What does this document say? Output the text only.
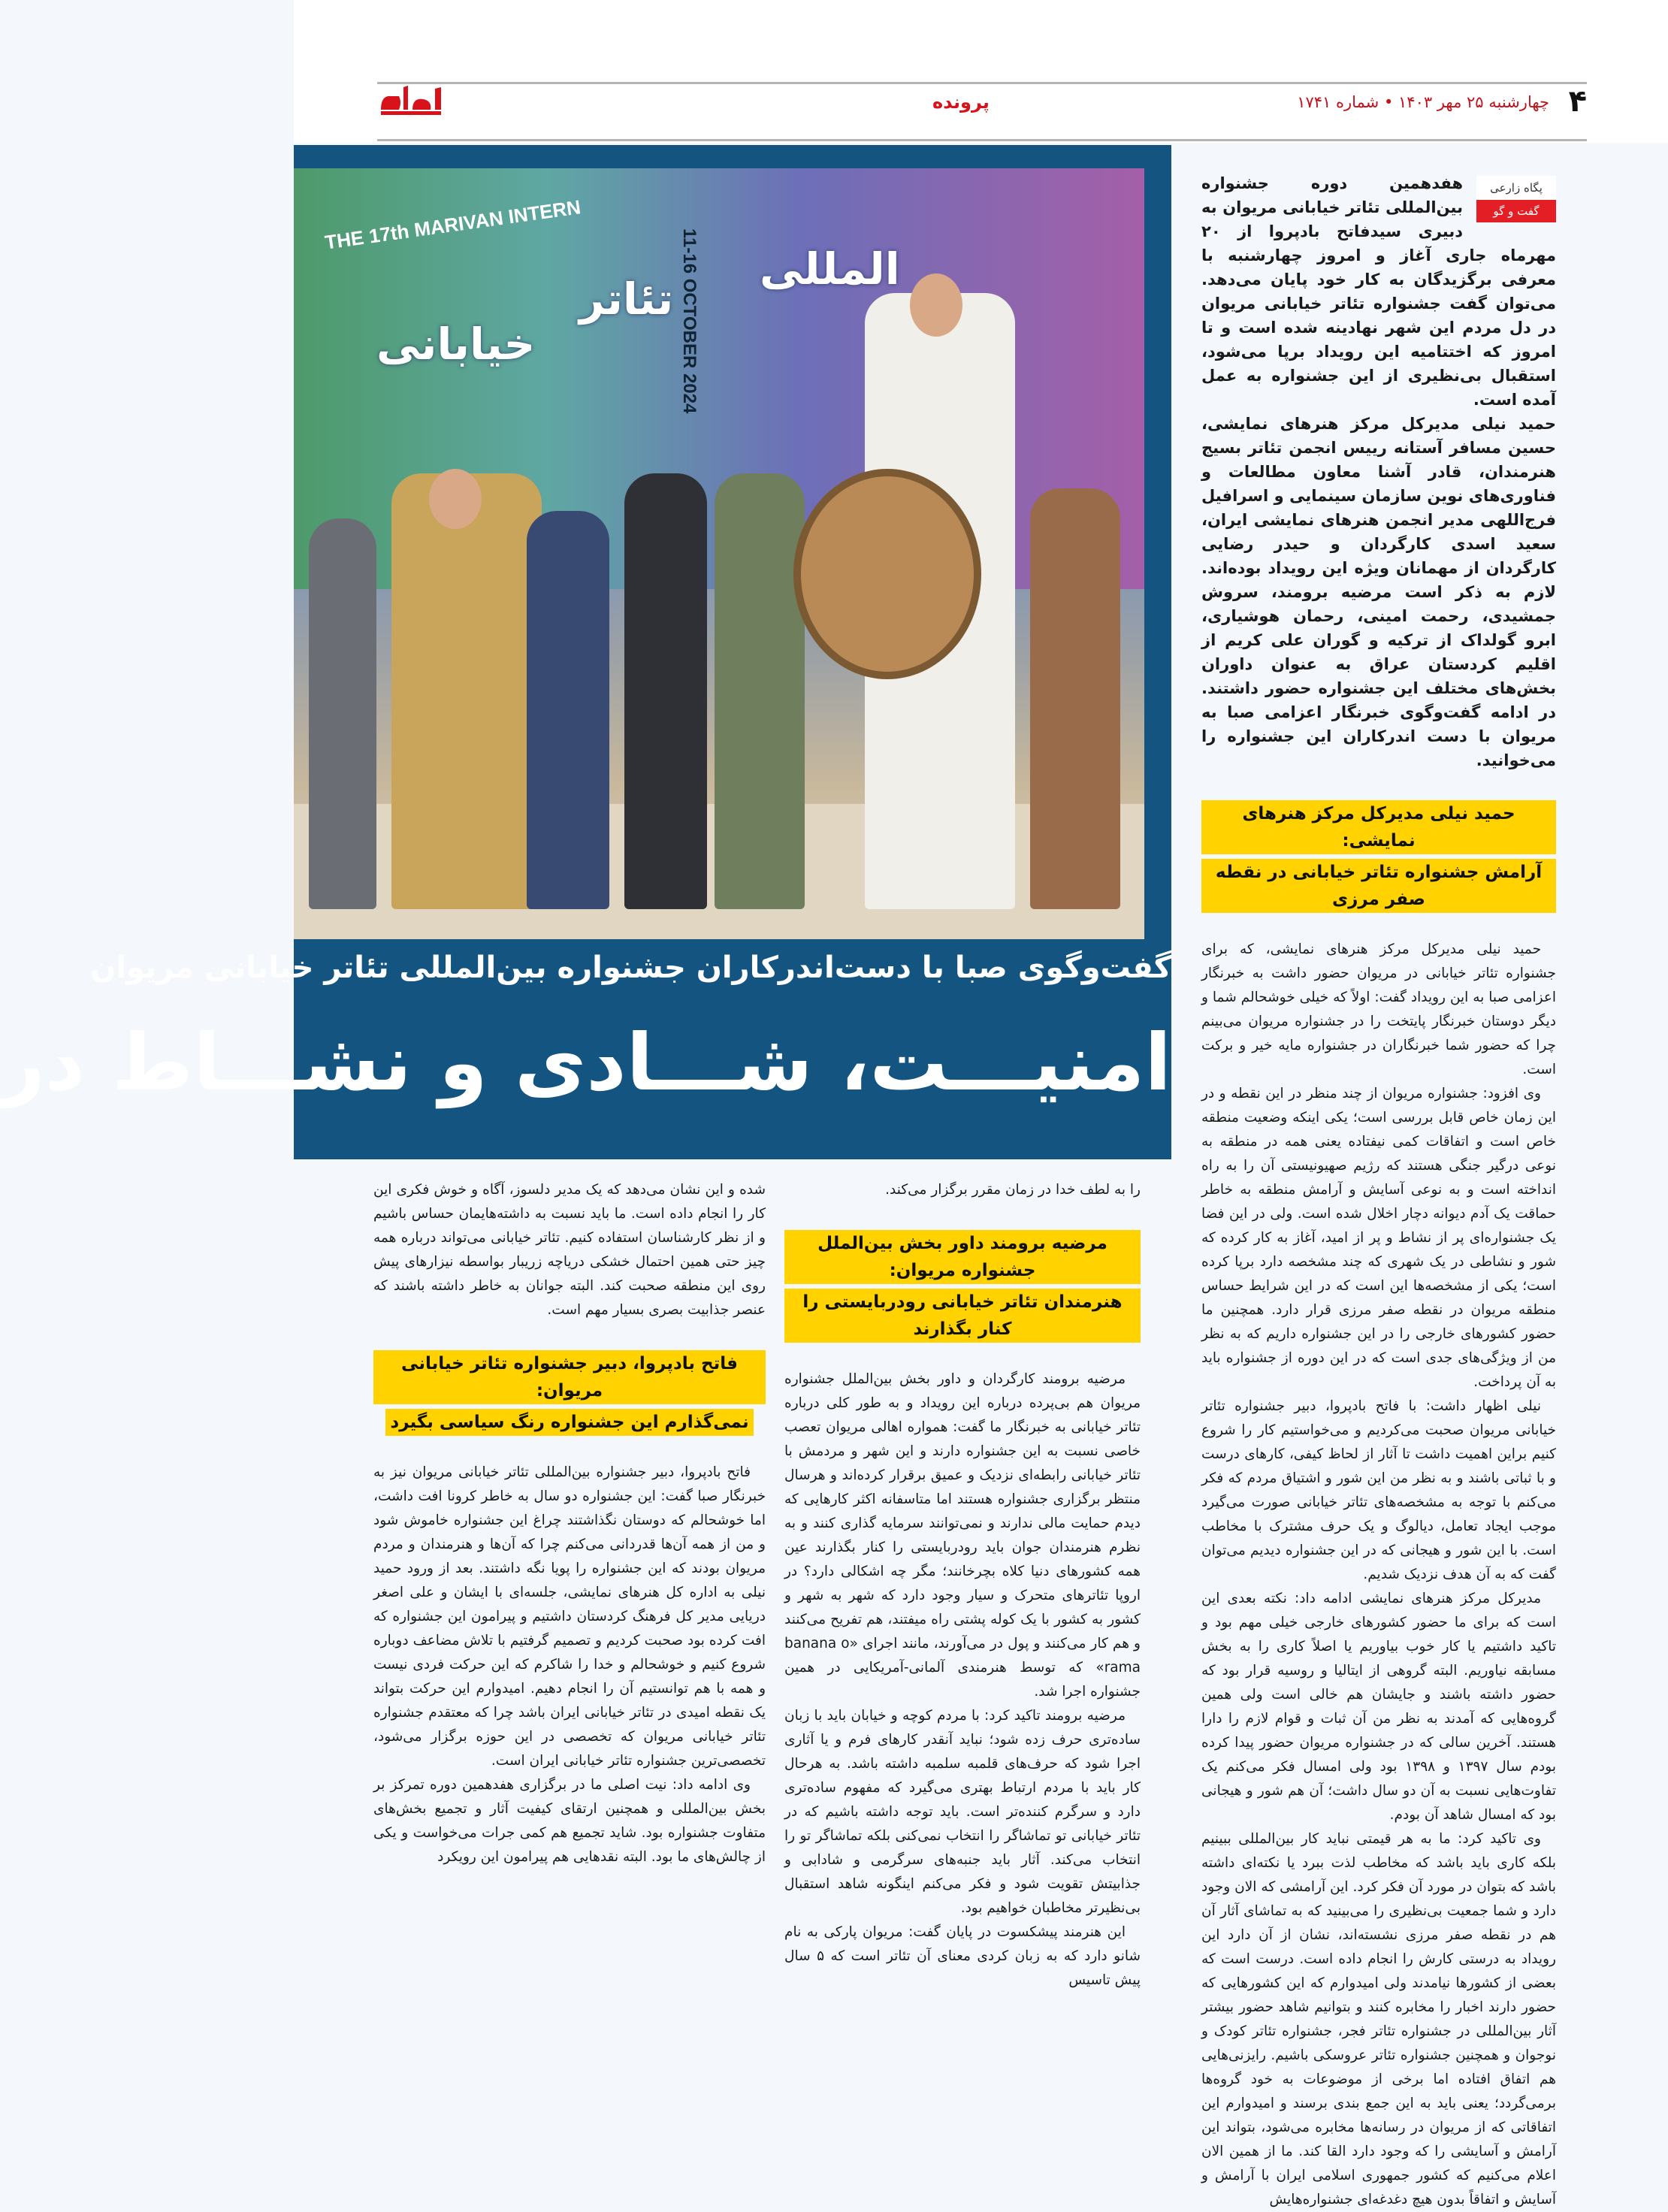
۴
چهارشنبه ۲۵ مهر ۱۴۰۳ • شماره ۱۷۴۱
پرونده
THE 17th MARIVAN INTERN
11-16 OCTOBER 2024
خیابانی
تئاتر
المللی
گفت‌وگوی صبا با دست‌اندرکاران جشنواره بین‌المللی تئاتر خیابانی مریوان
امنیـــت، شـــادی و نشـــاط در
پگاه زارعی
گفت و گو
هفدهمین دوره جشنواره بین‌المللی تئاتر خیابانی مریوان به دبیری سیدفاتح بادپروا از ۲۰ مهرماه جاری آغاز و امروز چهارشنبه با معرفی برگزیدگان به کار خود پایان می‌دهد. می‌توان گفت جشنواره تئاتر خیابانی مریوان در دل مردم این شهر نهادینه شده است و تا امروز که اختتامیه این رویداد برپا می‌شود، استقبال بی‌نظیری از این جشنواره به عمل آمده است.
حمید نیلی مدیرکل مرکز هنرهای نمایشی، حسین مسافر آستانه رییس انجمن تئاتر بسیج هنرمندان، قادر آشنا معاون مطالعات و فناوری‌های نوین سازمان سینمایی و اسرافیل فرج‌اللهی مدیر انجمن هنرهای نمایشی ایران، سعید اسدی کارگردان و حیدر رضایی کارگردان از مهمانان ویژه این رویداد بوده‌اند. لازم به ذکر است مرضیه برومند، سروش جمشیدی، رحمت امینی، رحمان هوشیاری، ابرو گولداک از ترکیه و گوران علی کریم از اقلیم کردستان عراق به عنوان داوران بخش‌های مختلف این جشنواره حضور داشتند. در ادامه گفت‌وگوی خبرنگار اعزامی صبا به مریوان با دست اندرکاران این جشنواره را می‌خوانید.
حمید نیلی مدیرکل مرکز هنرهای نمایشی:
آرامش جشنواره تئاتر خیابانی در نقطه صفر مرزی

حمید نیلی مدیرکل مرکز هنرهای نمایشی، که برای جشنواره تئاتر خیابانی در مریوان حضور داشت به خبرنگار اعزامی صبا به این رویداد گفت: اولاً که خیلی خوشحالم شما و دیگر دوستان خبرنگار پایتخت را در جشنواره مریوان می‌بینم چرا که حضور شما خبرنگاران در جشنواره مایه خیر و برکت است.

وی افزود: جشنواره مریوان از چند منظر در این نقطه و در این زمان خاص قابل بررسی است؛ یکی اینکه وضعیت منطقه خاص است و اتفاقات کمی نیفتاده یعنی همه در منطقه به نوعی درگیر جنگی هستند که رژیم صهیونیستی آن را به راه انداخته است و به نوعی آسایش و آرامش منطقه به خاطر حماقت یک آدم دیوانه دچار اخلال شده است. ولی در این فضا یک جشنواره‌ای پر از نشاط و پر از امید، آغاز به کار کرده که شور و نشاطی در یک شهری که چند مشخصه دارد برپا کرده است؛ یکی از مشخصه‌ها این است که در این شرایط حساس منطقه مریوان در نقطه صفر مرزی قرار دارد. همچنین ما حضور کشورهای خارجی را در این جشنواره داریم که به نظر من از ویژگی‌های جدی است که در این دوره از جشنواره باید به آن پرداخت.

نیلی اظهار داشت: با فاتح بادپروا، دبیر جشنواره تئاتر خیابانی مریوان صحبت می‌کردیم و می‌خواستیم کار را شروع کنیم براین اهمیت داشت تا آثار از لحاظ کیفی، کارهای درست و با ثباتی باشند و به نظر من این شور و اشتیاق مردم که فکر می‌کنم با توجه به مشخصه‌های تئاتر خیابانی صورت می‌گیرد موجب ایجاد تعامل، دیالوگ و یک حرف مشترک با مخاطب است. با این شور و هیجانی که در این جشنواره دیدیم می‌توان گفت که به آن هدف نزدیک شدیم.

مدیرکل مرکز هنرهای نمایشی ادامه داد: نکته بعدی این است که برای ما حضور کشورهای خارجی خیلی مهم بود و تاکید داشتیم یا کار خوب بیاوریم یا اصلاً کاری را به بخش مسابقه نیاوریم. البته گروهی از ایتالیا و روسیه قرار بود که حضور داشته باشند و جایشان هم خالی است ولی همین گروه‌هایی که آمدند به نظر من آن ثبات و قوام لازم را دارا هستند. آخرین سالی که در جشنواره مریوان حضور پیدا کرده بودم سال ۱۳۹۷ و ۱۳۹۸ بود ولی امسال فکر می‌کنم یک تفاوت‌هایی نسبت به آن دو سال داشت؛ آن هم شور و هیجانی بود که امسال شاهد آن بودم.

وی تاکید کرد: ما به هر قیمتی نباید کار بین‌المللی ببینیم بلکه کاری باید باشد که مخاطب لذت ببرد یا نکته‌ای داشته باشد که بتوان در مورد آن فکر کرد. این آرامشی که الان وجود دارد و شما جمعیت بی‌نظیری را می‌بینید که به تماشای آثار آن هم در نقطه صفر مرزی نشسته‌اند، نشان از آن دارد این رویداد به درستی کارش را انجام داده است. درست است که بعضی از کشورها نیامدند ولی امیدوارم که این کشورهایی که حضور دارند اخبار را مخابره کنند و بتوانیم شاهد حضور بیشتر آثار بین‌المللی در جشنواره تئاتر فجر، جشنواره تئاتر کودک و نوجوان و همچنین جشنواره تئاتر عروسکی باشیم. رایزنی‌هایی هم اتفاق افتاده اما برخی از موضوعات به خود گروه‌ها برمی‌گردد؛ یعنی باید به این جمع بندی برسند و امیدوارم این اتفاقاتی که از مریوان در رسانه‌ها مخابره می‌شود، بتواند این آرامش و آسایشی را که وجود دارد القا کند. ما از همین الان اعلام می‌کنیم که کشور جمهوری اسلامی ایران با آرامش و آسایش و اتفاقاً بدون هیچ دغدغه‌ای جشنواره‌هایش

را به لطف خدا در زمان مقرر برگزار می‌کند.
مرضیه برومند داور بخش بین‌الملل جشنواره مریوان:
هنرمندان تئاتر خیابانی رودربایستی را کنار بگذارند

مرضیه برومند کارگردان و داور بخش بین‌الملل جشنواره مریوان هم بی‌پرده درباره این رویداد و به طور کلی درباره تئاتر خیابانی به خبرنگار ما گفت: همواره اهالی مریوان تعصب خاصی نسبت به این جشنواره دارند و این شهر و مردمش با تئاتر خیابانی رابطه‌ای نزدیک و عمیق برقرار کرده‌اند و هرسال منتظر برگزاری جشنواره هستند اما متاسفانه اکثر کارهایی که دیدم حمایت مالی ندارند و نمی‌توانند سرمایه گذاری کنند و به نظرم هنرمندان جوان باید رودربایستی را کنار بگذارند عین همه کشورهای دنیا کلاه بچرخانند؛ مگر چه اشکالی دارد؟ در اروپا تئاترهای متحرک و سیار وجود دارد که شهر به شهر و کشور به کشور با یک کوله پشتی راه میفتند، هم تفریح می‌کنند و هم کار می‌کنند و پول در می‌آورند، مانند اجرای «banana o rama» که توسط هنرمندی آلمانی-آمریکایی در همین جشنواره اجرا شد.

مرضیه برومند تاکید کرد: با مردم کوچه و خیابان باید با زبان ساده‌تری حرف زده شود؛ نباید آنقدر کارهای فرم و یا آثاری اجرا شود که حرف‌های قلمبه سلمبه داشته باشد. به هرحال کار باید با مردم ارتباط بهتری می‌گیرد که مفهوم ساده‌تری دارد و سرگرم کننده‌تر است. باید توجه داشته باشیم که در تئاتر خیابانی تو تماشاگر را انتخاب نمی‌کنی بلکه تماشاگر تو را انتخاب می‌کند. آثار باید جنبه‌های سرگرمی و شادابی و جذابیتش تقویت شود و فکر می‌کنم اینگونه شاهد استقبال بی‌نظیرتر مخاطبان خواهیم بود.

این هنرمند پیشکسوت در پایان گفت: مریوان پارکی به نام شانو دارد که به زبان کردی معنای آن تئاتر است که ۵ سال پیش تاسیس

شده و این نشان می‌دهد که یک مدیر دلسوز، آگاه و خوش فکری این کار را انجام داده است. ما باید نسبت به داشته‌هایمان حساس باشیم و از نظر کارشناسان استفاده کنیم. تئاتر خیابانی می‌تواند درباره همه چیز حتی همین احتمال خشکی دریاچه زریبار بواسطه نیزارهای پیش روی این منطقه صحبت کند. البته جوانان به خاطر داشته باشند که عنصر جذابیت بصری بسیار مهم است.
فاتح بادپروا، دبیر جشنواره تئاتر خیابانی مریوان:
نمی‌گذارم این جشنواره رنگ سیاسی بگیرد

فاتح بادپروا، دبیر جشنواره بین‌المللی تئاتر خیابانی مریوان نیز به خبرنگار صبا گفت: این جشنواره دو سال به خاطر کرونا افت داشت، اما خوشحالم که دوستان نگذاشتند چراغ این جشنواره خاموش شود و من از همه آن‌ها قدردانی می‌کنم چرا که آن‌ها و هنرمندان و مردم مریوان بودند که این جشنواره را پویا نگه داشتند. بعد از ورود حمید نیلی به اداره کل هنرهای نمایشی، جلسه‌ای با ایشان و علی اصغر دریایی مدیر کل فرهنگ کردستان داشتیم و پیرامون این جشنواره که افت کرده بود صحبت کردیم و تصمیم گرفتیم با تلاش مضاعف دوباره شروع کنیم و خوشحالم و خدا را شاکرم که این حرکت فردی نیست و همه با هم توانستیم آن را انجام دهیم. امیدوارم این حرکت بتواند یک نقطه امیدی در تئاتر خیابانی ایران باشد چرا که معتقدم جشنواره تئاتر خیابانی مریوان که تخصصی در این حوزه برگزار می‌شود، تخصصی‌ترین جشنواره تئاتر خیابانی ایران است.

وی ادامه داد: نیت اصلی ما در برگزاری هفدهمین دوره تمرکز بر بخش بین‌المللی و همچنین ارتقای کیفیت آثار و تجمیع بخش‌های متفاوت جشنواره بود. شاید تجمیع هم کمی جرات می‌خواست و یکی از چالش‌های ما بود. البته نقدهایی هم پیرامون این رویکرد
